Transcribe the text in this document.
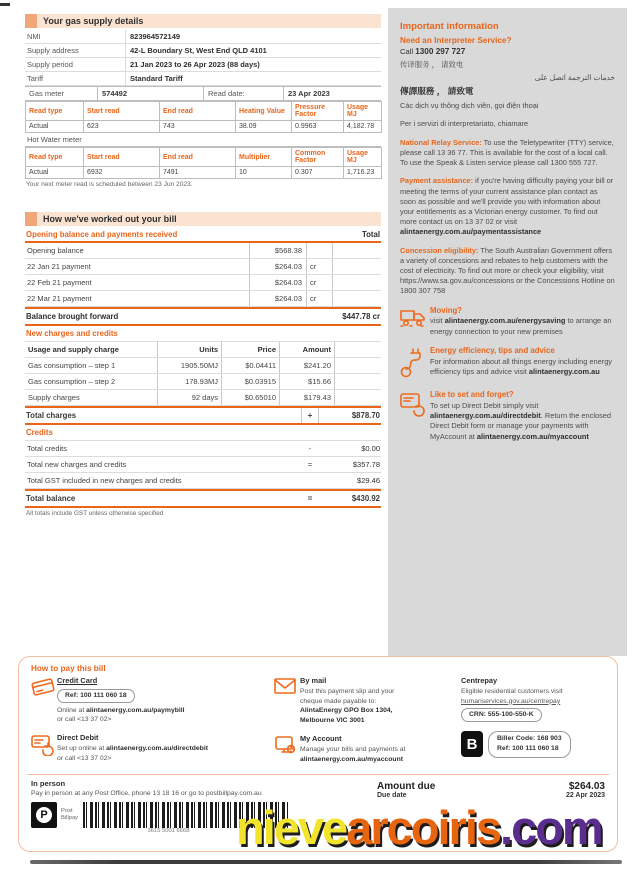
Your gas supply details
NMI	823964572149
Supply address	42-L Boundary St, West End QLD 4101
Supply period	21 Jan 2023 to 26 Apr 2023 (88 days)
Tariff	Standard Tariff
Gas meter	574492	Read date:	23 Apr 2023
Read type	Start read	End read	Heating Value	Pressure Factor	Usage MJ
Actual	623	743	38.09	0.9963	4,182.78
Hot Water meter
Read type	Start read	End read	Multiplier	Common Factor	Usage MJ
Actual	6932	7491	10	0.307	1,716.23
Your next meter read is scheduled between 23 Jun 2023.
How we've worked out your bill
Opening balance and payments received	Total
Opening balance	$568.38
22 Jan 21 payment	$264.03	cr
22 Feb 21 payment	$264.03	cr
22 Mar 21 payment	$264.03	cr
Balance brought forward	$447.78 cr
New charges and credits
Usage and supply charge	Units	Price	Amount
Gas consumption – step 1	1905.50MJ	$0.04411	$241.20
Gas consumption – step 2	178.93MJ	$0.03915	$15.66
Supply charges	92 days	$0.65010	$179.43
Total charges	+	$878.70
Credits
Total credits	-	$0.00
Total new charges and credits	=	$357.78
Total GST included in new charges and credits	$29.46
Total balance	=	$430.92
All totals include GST unless otherwise specified
Important information
Need an Interpreter Service?
Call 1300 297 727
传译服务 ， 请致电
خدمات الترجمة اتصل على
傳譯服務 ， 請致電
Các dịch vụ thông dịch viên, gọi điện thoại
Per i servizi di interpretariato, chiamare
National Relay Service: To use the Teletypewriter (TTY) service, please call 13 36 77. This is available for the cost of a local call. To use the Speak & Listen service please call 1300 555 727.
Payment assistance: if you're having difficulty paying your bill or meeting the terms of your current assistance plan contact as soon as possible and we'll provide you with information about your entitlements as a Victorian energy customer. To find out more contact us on 13 37 02 or visit alintaenergy.com.au/paymentassistance
Concession eligibility: The South Australian Government offers a variety of concessions and rebates to help customers with the cost of electricity. To find out more or check your eligibility, visit https://www.sa.gov.au/concessions or the Concessions Hotline on 1800 307 758
Moving?
visit alintaenergy.com.au/energysaving to arrange an energy connection to your new premises
Energy efficiency, tips and advice
For information about all things energy including energy efficiency tips and advice visit alintaenergy.com.au
Like to set and forget?
To set up Direct Debit simply visit alintaenergy.com.au/directdebit. Return the enclosed Direct Debit form or manage your payments with MyAccount at alintaenergy.com.au/myaccount
How to pay this bill
Credit Card
Ref: 100 111 060 18
Online at alintaenergy.com.au/paymybill
or call <13 37 02>
Direct Debit
Set up online at alintaenergy.com.au/directdebit
or call <13 37 02>
By mail
Post this payment slip and your
cheque made payable to:
AlintaEnergy GPO Box 1304,
Melbourne VIC 3001
My Account
Manage your bills and payments at
alintaenergy.com.au/myaccount
Centrepay
Eligible residential customers visit
humanservices.gov.au/centrepay
CRN: 555-100-550-K
B	Biller Code: 168 903
Ref: 100 111 060 18
In person
Pay in person at any Post Office, phone 13 18 16 or go to postbillpay.com.au
P	Post
Billpay
3615 5001 6668
Amount due	$264.03
Due date	22 Apr 2023
nievearcoiris.com
